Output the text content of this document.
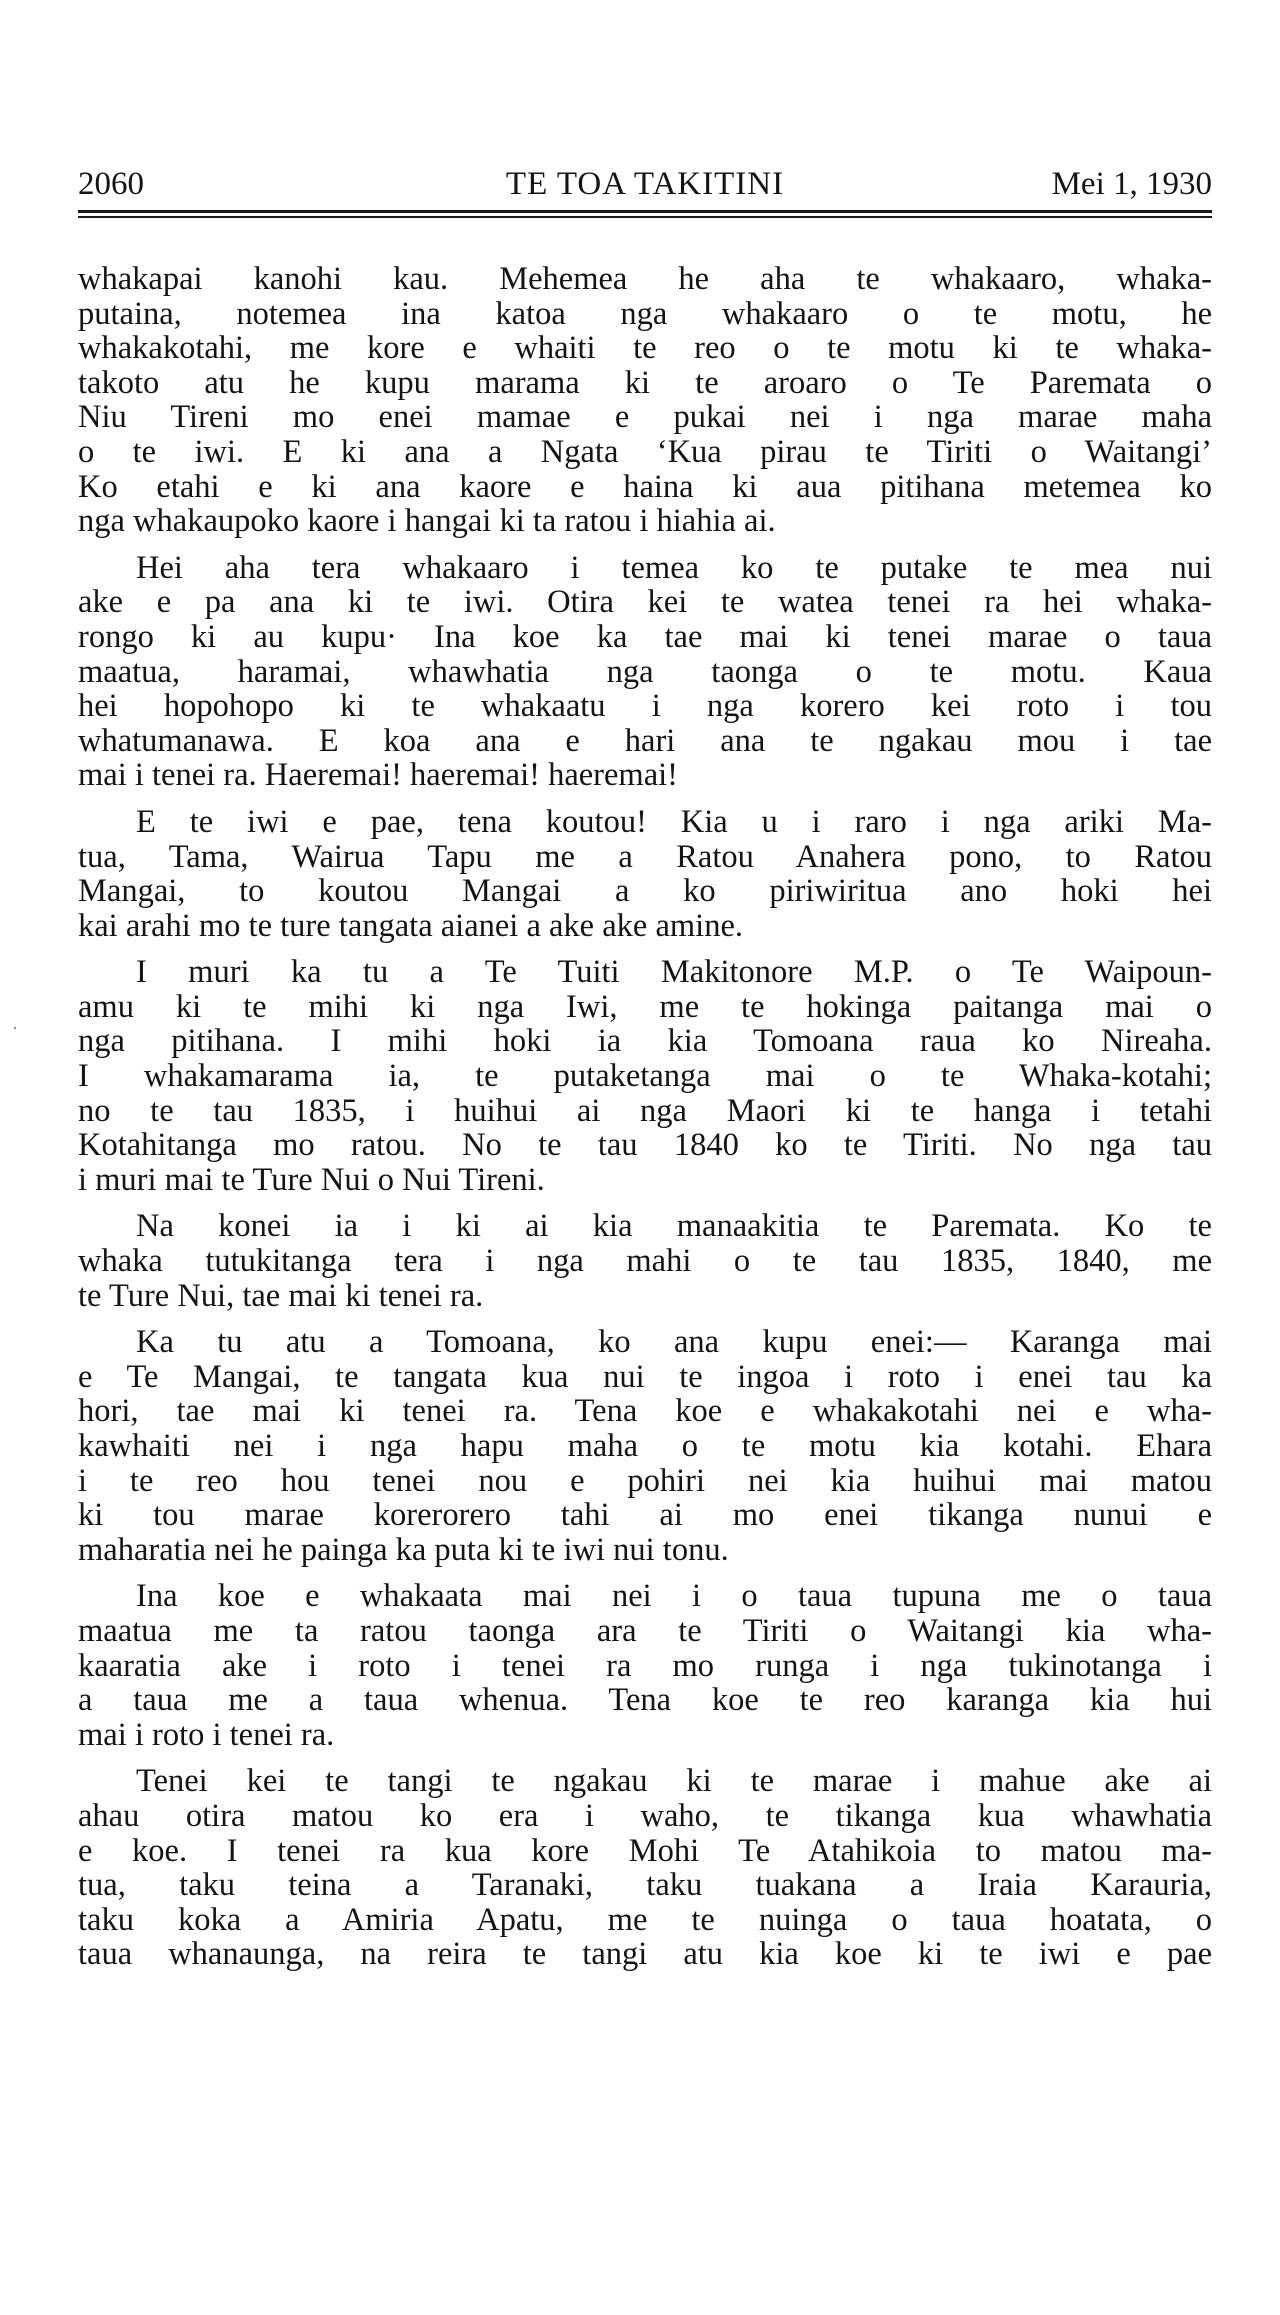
2060	TE TOA TAKITINI	Mei 1, 1930
whakapai kanohi kau. Mehemea he aha te whakaaro, whaka-
putaina, notemea ina katoa nga whakaaro o te motu, he
whakakotahi, me kore e whaiti te reo o te motu ki te whaka-
takoto atu he kupu marama ki te aroaro o Te Paremata o
Niu Tireni mo enei mamae e pukai nei i nga marae maha
o te iwi. E ki ana a Ngata ‘Kua pirau te Tiriti o Waitangi’
Ko etahi e ki ana kaore e haina ki aua pitihana metemea ko
nga whakaupoko kaore i hangai ki ta ratou i hiahia ai.
Hei aha tera whakaaro i temea ko te putake te mea nui
ake e pa ana ki te iwi. Otira kei te watea tenei ra hei whaka-
rongo ki au kupu· Ina koe ka tae mai ki tenei marae o taua
maatua, haramai, whawhatia nga taonga o te motu. Kaua
hei hopohopo ki te whakaatu i nga korero kei roto i tou
whatumanawa. E koa ana e hari ana te ngakau mou i tae
mai i tenei ra. Haeremai! haeremai! haeremai!
E te iwi e pae, tena koutou! Kia u i raro i nga ariki Ma-
tua, Tama, Wairua Tapu me a Ratou Anahera pono, to Ratou
Mangai, to koutou Mangai a ko piriwiritua ano hoki hei
kai arahi mo te ture tangata aianei a ake ake amine.
I muri ka tu a Te Tuiti Makitonore M.P. o Te Waipoun-
amu ki te mihi ki nga Iwi, me te hokinga paitanga mai o
nga pitihana. I mihi hoki ia kia Tomoana raua ko Nireaha.
I whakamarama ia, te putaketanga mai o te Whaka-kotahi;
no te tau 1835, i huihui ai nga Maori ki te hanga i tetahi
Kotahitanga mo ratou. No te tau 1840 ko te Tiriti. No nga tau
i muri mai te Ture Nui o Nui Tireni.
Na konei ia i ki ai kia manaakitia te Paremata. Ko te
whaka tutukitanga tera i nga mahi o te tau 1835, 1840, me
te Ture Nui, tae mai ki tenei ra.
Ka tu atu a Tomoana, ko ana kupu enei:— Karanga mai
e Te Mangai, te tangata kua nui te ingoa i roto i enei tau ka
hori, tae mai ki tenei ra. Tena koe e whakakotahi nei e wha-
kawhaiti nei i nga hapu maha o te motu kia kotahi. Ehara
i te reo hou tenei nou e pohiri nei kia huihui mai matou
ki tou marae korerorero tahi ai mo enei tikanga nunui e
maharatia nei he painga ka puta ki te iwi nui tonu.
Ina koe e whakaata mai nei i o taua tupuna me o taua
maatua me ta ratou taonga ara te Tiriti o Waitangi kia wha-
kaaratia ake i roto i tenei ra mo runga i nga tukinotanga i
a taua me a taua whenua. Tena koe te reo karanga kia hui
mai i roto i tenei ra.
Tenei kei te tangi te ngakau ki te marae i mahue ake ai
ahau otira matou ko era i waho, te tikanga kua whawhatia
e koe. I tenei ra kua kore Mohi Te Atahikoia to matou ma-
tua, taku teina a Taranaki, taku tuakana a Iraia Karauria,
taku koka a Amiria Apatu, me te nuinga o taua hoatata, o
taua whanaunga, na reira te tangi atu kia koe ki te iwi e pae
·
